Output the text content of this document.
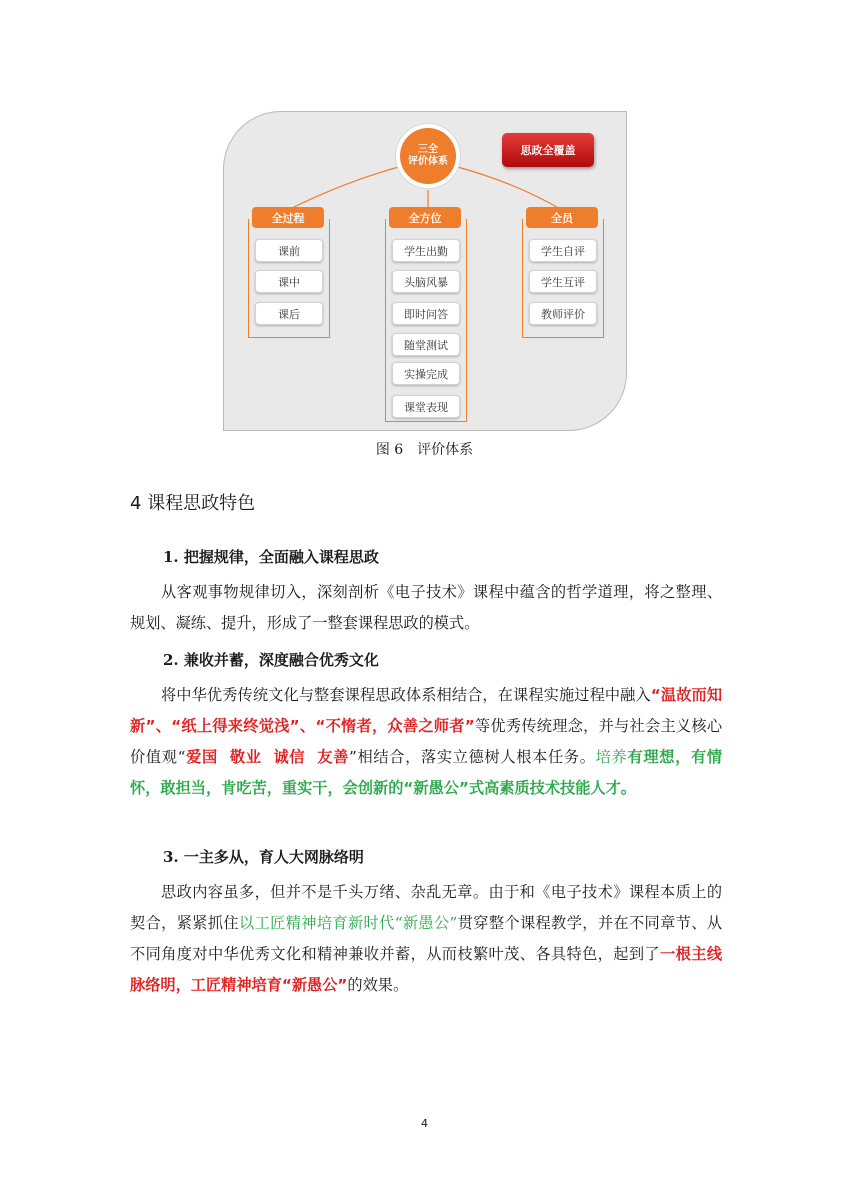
三全
评价体系
思政全覆盖
全过程
课前
课中
课后
全方位
学生出勤
头脑风暴
即时问答
随堂测试
实操完成
课堂表现
全员
学生自评
学生互评
教师评价
图 6　评价体系
4 课程思政特色
1. 把握规律，全面融入课程思政

从客观事物规律切入，深刻剖析《电子技术》课程中蕴含的哲学道理，将之整理、规划、凝练、提升，形成了一整套课程思政的模式。

2. 兼收并蓄，深度融合优秀文化

将中华优秀传统文化与整套课程思政体系相结合，在课程实施过程中融入“温故而知新”、“纸上得来终觉浅”、“不惰者，众善之师者”等优秀传统理念，并与社会主义核心价值观“爱国  敬业  诚信  友善”相结合，落实立德树人根本任务。培养有理想，有情怀，敢担当，肯吃苦，重实干，会创新的“新愚公”式高素质技术技能人才。

3. 一主多从，育人大网脉络明

思政内容虽多，但并不是千头万绪、杂乱无章。由于和《电子技术》课程本质上的契合，紧紧抓住以工匠精神培育新时代“新愚公”贯穿整个课程教学，并在不同章节、从不同角度对中华优秀文化和精神兼收并蓄，从而枝繁叶茂、各具特色，起到了一根主线脉络明，工匠精神培育“新愚公”的效果。

4
